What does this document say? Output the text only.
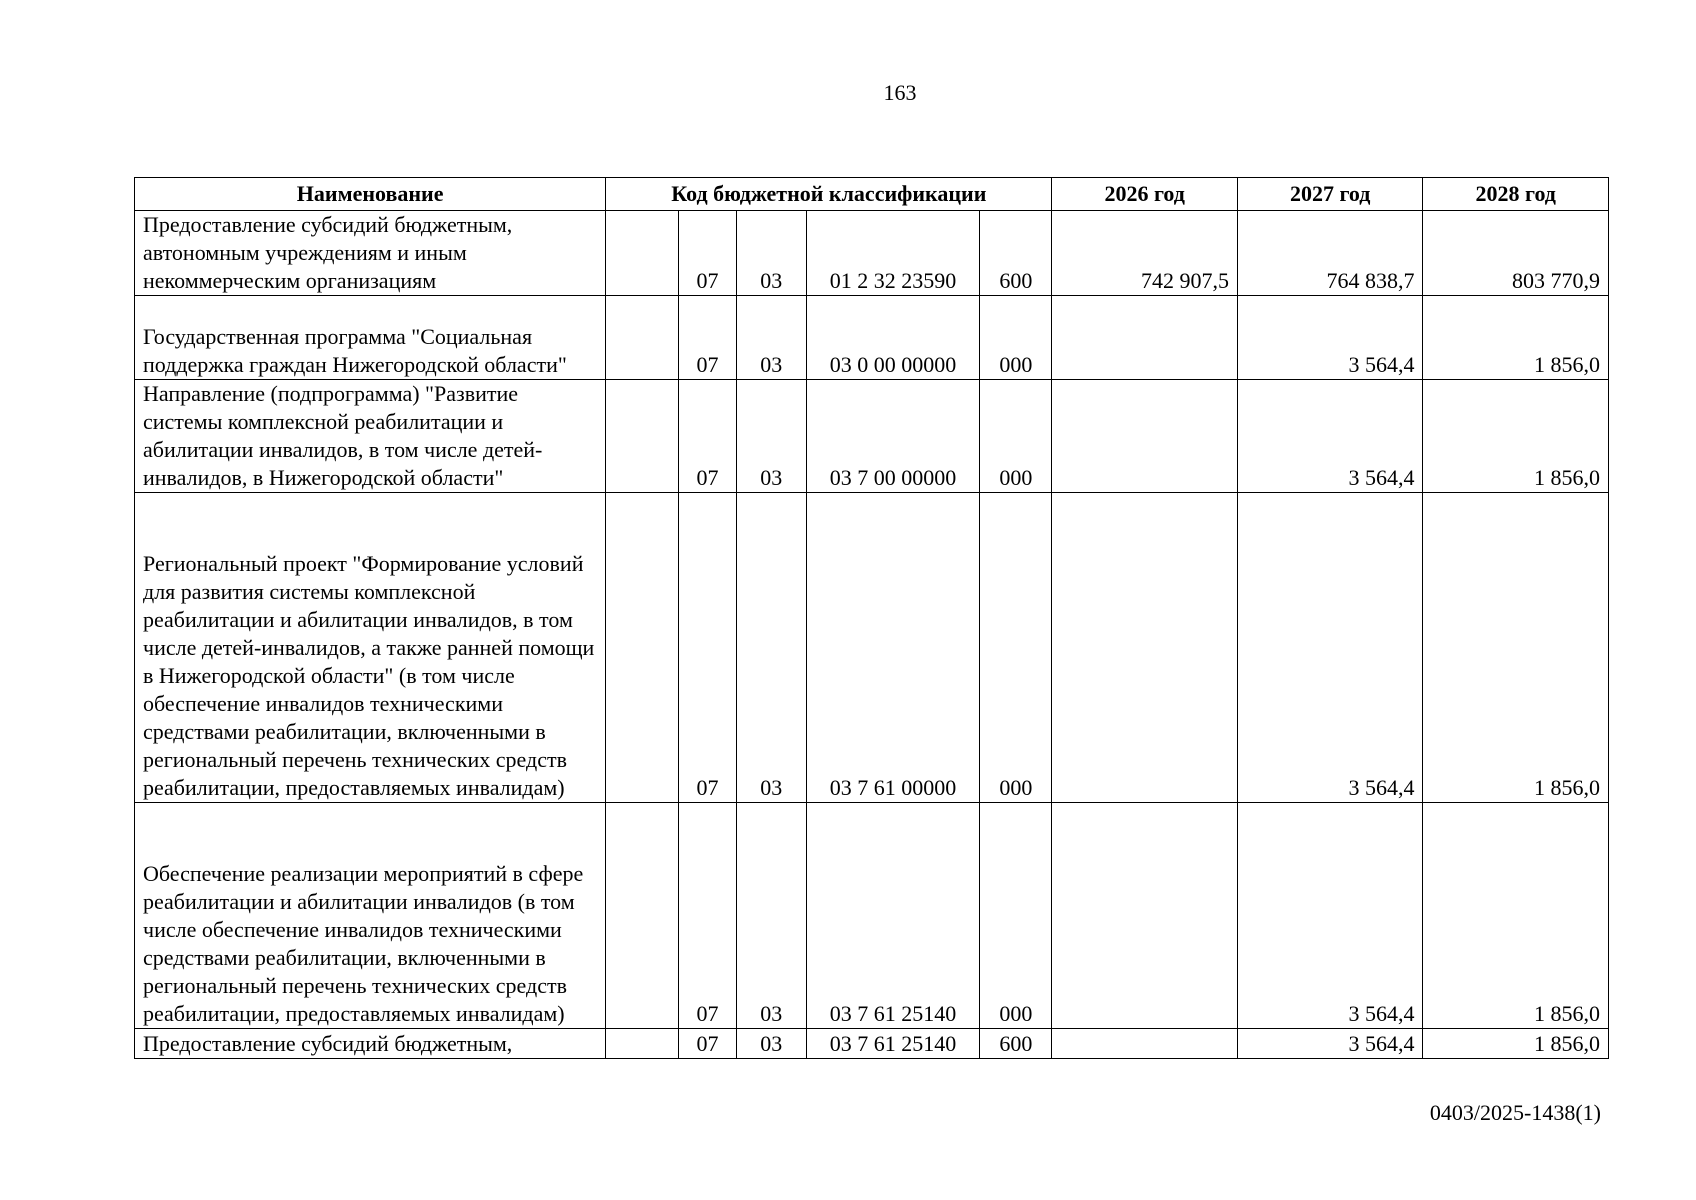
163
Наименование	Код бюджетной классификации					2026 год	2027 год	2028 год
Предоставление субсидий бюджетным, автономным учреждениям и иным некоммерческим организациям		07	03	01 2 32 23590	600	742 907,5	764 838,7	803 770,9
Государственная программа "Социальная поддержка граждан Нижегородской области"		07	03	03 0 00 00000	000		3 564,4	1 856,0
Направление (подпрограмма) "Развитие системы комплексной реабилитации и абилитации инвалидов, в том числе детей-инвалидов, в Нижегородской области"		07	03	03 7 00 00000	000		3 564,4	1 856,0
Региональный проект "Формирование условий для развития системы комплексной реабилитации и абилитации инвалидов, в том числе детей-инвалидов, а также ранней помощи в Нижегородской области" (в том числе обеспечение инвалидов техническими средствами реабилитации, включенными в региональный перечень технических средств реабилитации, предоставляемых инвалидам)		07	03	03 7 61 00000	000		3 564,4	1 856,0
Обеспечение реализации мероприятий в сфере реабилитации и абилитации инвалидов (в том числе обеспечение инвалидов техническими средствами реабилитации, включенными в региональный перечень технических средств реабилитации, предоставляемых инвалидам)		07	03	03 7 61 25140	000		3 564,4	1 856,0
Предоставление субсидий бюджетным,		07	03	03 7 61 25140	600		3 564,4	1 856,0
0403/2025-1438(1)
